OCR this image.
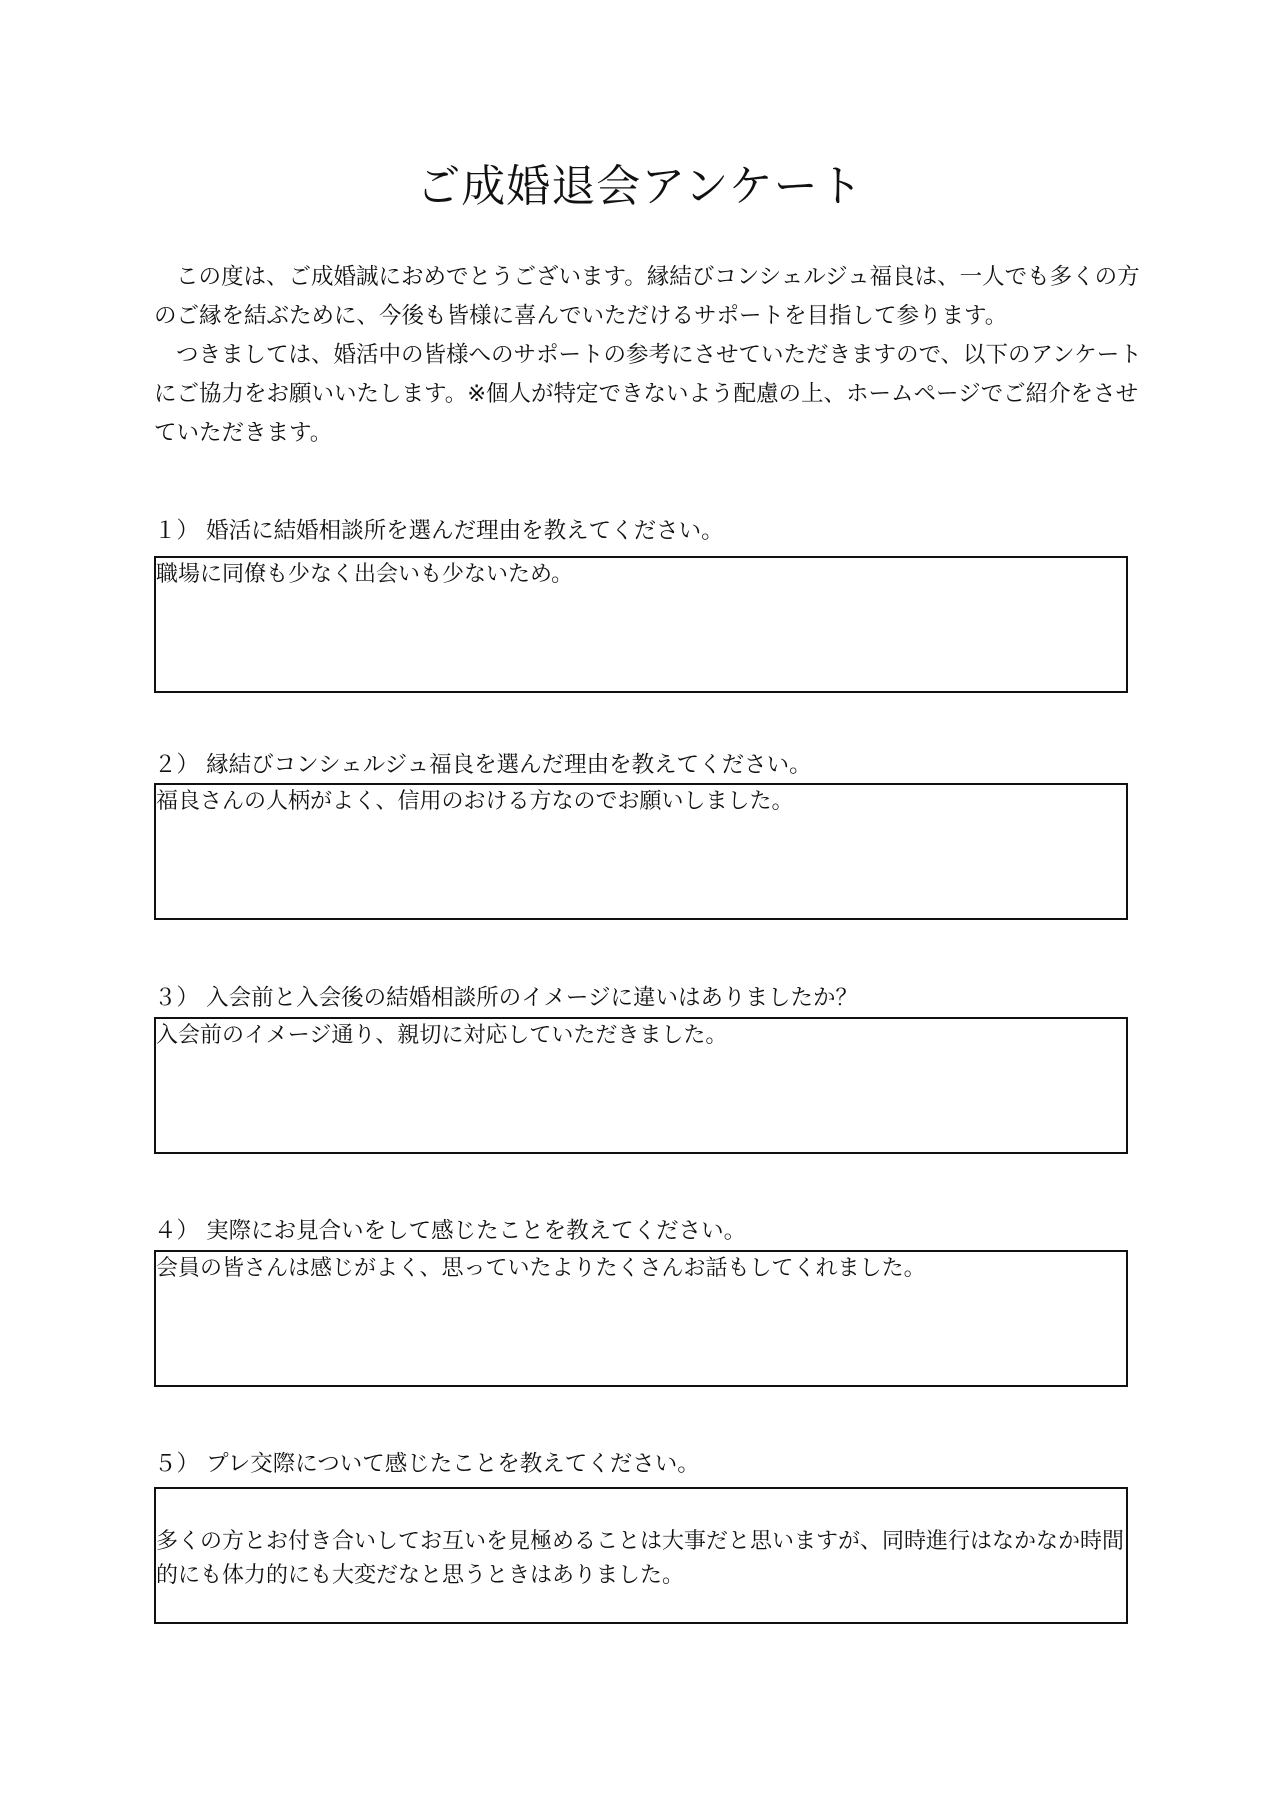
ご成婚退会アンケート

この度は、ご成婚誠におめでとうございます。縁結びコンシェルジュ福良は、一人でも多くの方のご縁を結ぶために、今後も皆様に喜んでいただけるサポートを目指して参ります。

つきましては、婚活中の皆様へのサポートの参考にさせていただきますので、以下のアンケートにご協力をお願いいたします。※個人が特定できないよう配慮の上、ホームページでご紹介をさせていただきます。

１） 婚活に結婚相談所を選んだ理由を教えてください。
職場に同僚も少なく出会いも少ないため。
２） 縁結びコンシェルジュ福良を選んだ理由を教えてください。
福良さんの人柄がよく、信用のおける方なのでお願いしました。
３） 入会前と入会後の結婚相談所のイメージに違いはありましたか？
入会前のイメージ通り、親切に対応していただきました。
４） 実際にお見合いをして感じたことを教えてください。
会員の皆さんは感じがよく、思っていたよりたくさんお話もしてくれました。
５） プレ交際について感じたことを教えてください。
多くの方とお付き合いしてお互いを見極めることは大事だと思いますが、同時進行はなかなか時間的にも体力的にも大変だなと思うときはありました。
